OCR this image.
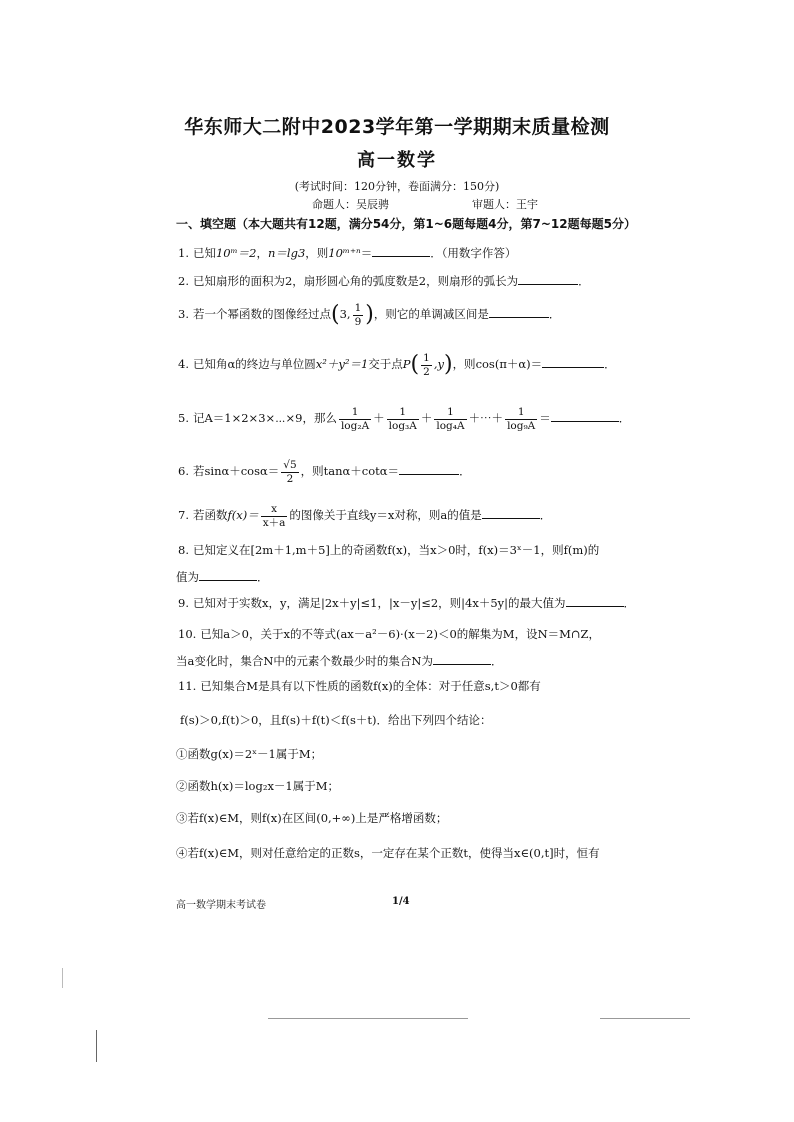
华东师大二附中2023学年第一学期期末质量检测
高一数学
(考试时间：120分钟，卷面满分：150分)
命题人：吴辰骋	审题人：王宇
一、填空题（本大题共有12题，满分54分，第1~6题每题4分，第7~12题每题5分）
1. 已知10ᵐ＝2，n＝lg3，则10ᵐ⁺ⁿ＝	．（用数字作答）
2. 已知扇形的面积为2，扇形圆心角的弧度数是2，则扇形的弧长为	．
3. 若一个幂函数的图像经过点(3, $\frac{1}{9}$ )，则它的单调减区间是	．
4. 已知角α的终边与单位圆x²＋y²＝1交于点$P( \frac{1}{2} ,y)$，则cos(π＋α)＝	．
5. 记A＝1×2×3×⋯×9，那么 $\frac{1}{\text{log₂A}} + \frac{1}{\text{log₃A}} + \frac{1}{\text{log₄A}}$ ＋⋯＋ $\frac{1}{\text{log₉A}}$ ＝	．
6. 若$\sin\alpha+\cos\alpha= \frac{√5}{2}$ ，则tanα＋cotα＝	．
7. 若函数$f(x)= \frac{x}{x+a}$ 的图像关于直线y＝x对称，则a的值是	．
8. 已知定义在[2m＋1,m＋5]上的奇函数f(x)，当x＞0时，f(x)＝3ˣ－1，则f(m)的
值为	．
9. 已知对于实数x，y，满足|2x＋y|≤1，|x－y|≤2，则|4x＋5y|的最大值为	．
10. 已知a＞0，关于x的不等式(ax－a²－6)·(x－2)＜0的解集为M，设N＝M∩Z，
当a变化时，集合N中的元素个数最少时的集合N为	．
11. 已知集合M是具有以下性质的函数f(x)的全体：对于任意s,t＞0都有
f(s)＞0,f(t)＞0，且f(s)＋f(t)＜f(s＋t)．给出下列四个结论：
①函数g(x)＝2ˣ－1属于M；
②函数h(x)＝log₂x－1属于M；
③若f(x)∈M，则f(x)在区间(0,+∞)上是严格增函数；
④若f(x)∈M，则对任意给定的正数s，一定存在某个正数t，使得当x∈(0,t]时，恒有
高一数学期末考试卷	1/4
